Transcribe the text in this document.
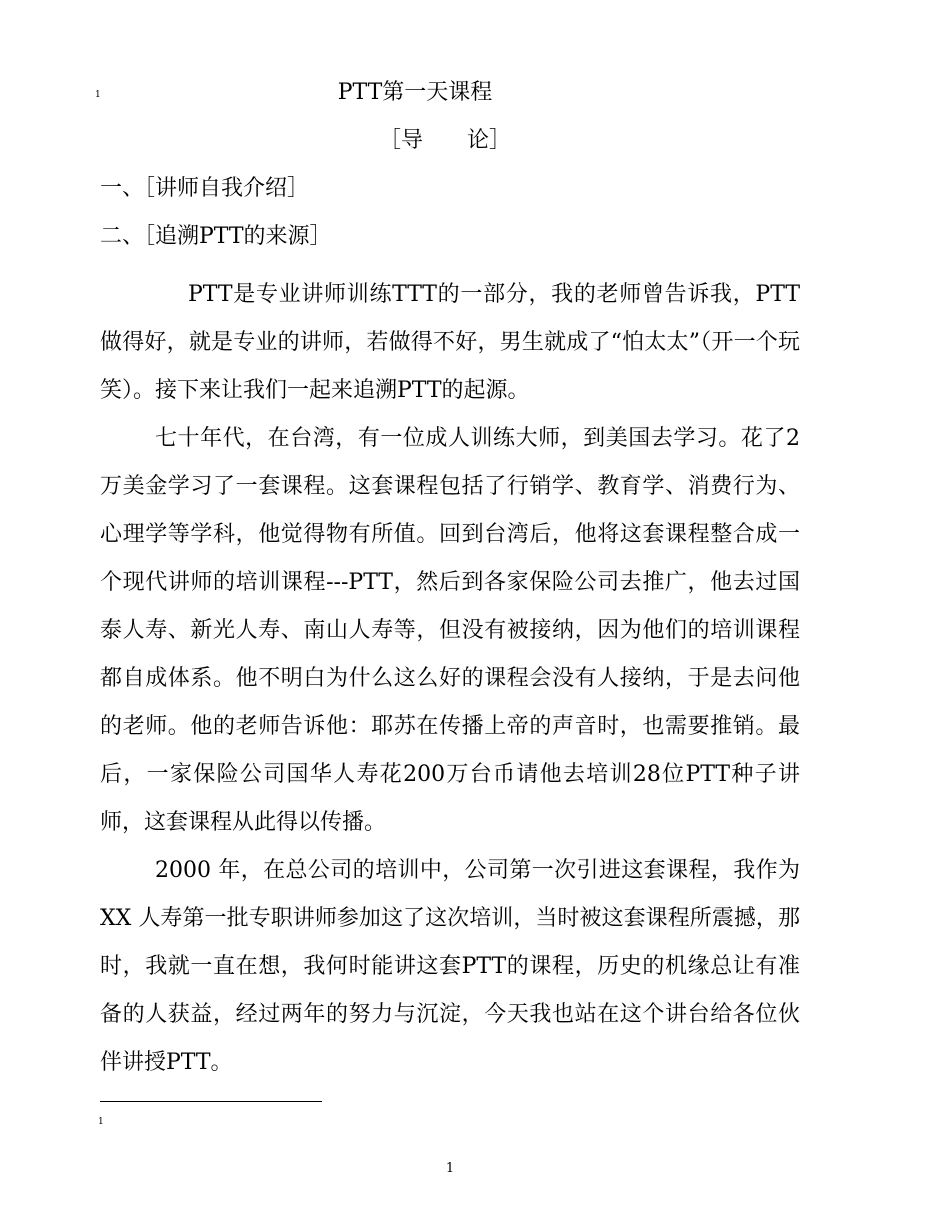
1	PTT第一天课程
［导　　论］
一、［讲师自我介绍］
二、［追溯PTT的来源］

PTT是专业讲师训练TTT的一部分，我的老师曾告诉我，PTT做得好，就是专业的讲师，若做得不好，男生就成了“怕太太”（开一个玩笑）。接下来让我们一起来追溯PTT的起源。

七十年代，在台湾，有一位成人训练大师，到美国去学习。花了2 万美金学习了一套课程。这套课程包括了行销学、教育学、消费行为、心理学等学科，他觉得物有所值。回到台湾后，他将这套课程整合成一个现代讲师的培训课程---PTT，然后到各家保险公司去推广，他去过国泰人寿、新光人寿、南山人寿等，但没有被接纳，因为他们的培训课程都自成体系。他不明白为什么这么好的课程会没有人接纳，于是去问他的老师。他的老师告诉他：耶苏在传播上帝的声音时，也需要推销。最后，一家保险公司国华人寿花200万台币请他去培训28位PTT种子讲师，这套课程从此得以传播。

2000 年，在总公司的培训中，公司第一次引进这套课程，我作为 XX 人寿第一批专职讲师参加这了这次培训，当时被这套课程所震撼，那时，我就一直在想，我何时能讲这套PTT的课程，历史的机缘总让有准备的人获益，经过两年的努力与沉淀，今天我也站在这个讲台给各位伙伴讲授PTT。

1
1
